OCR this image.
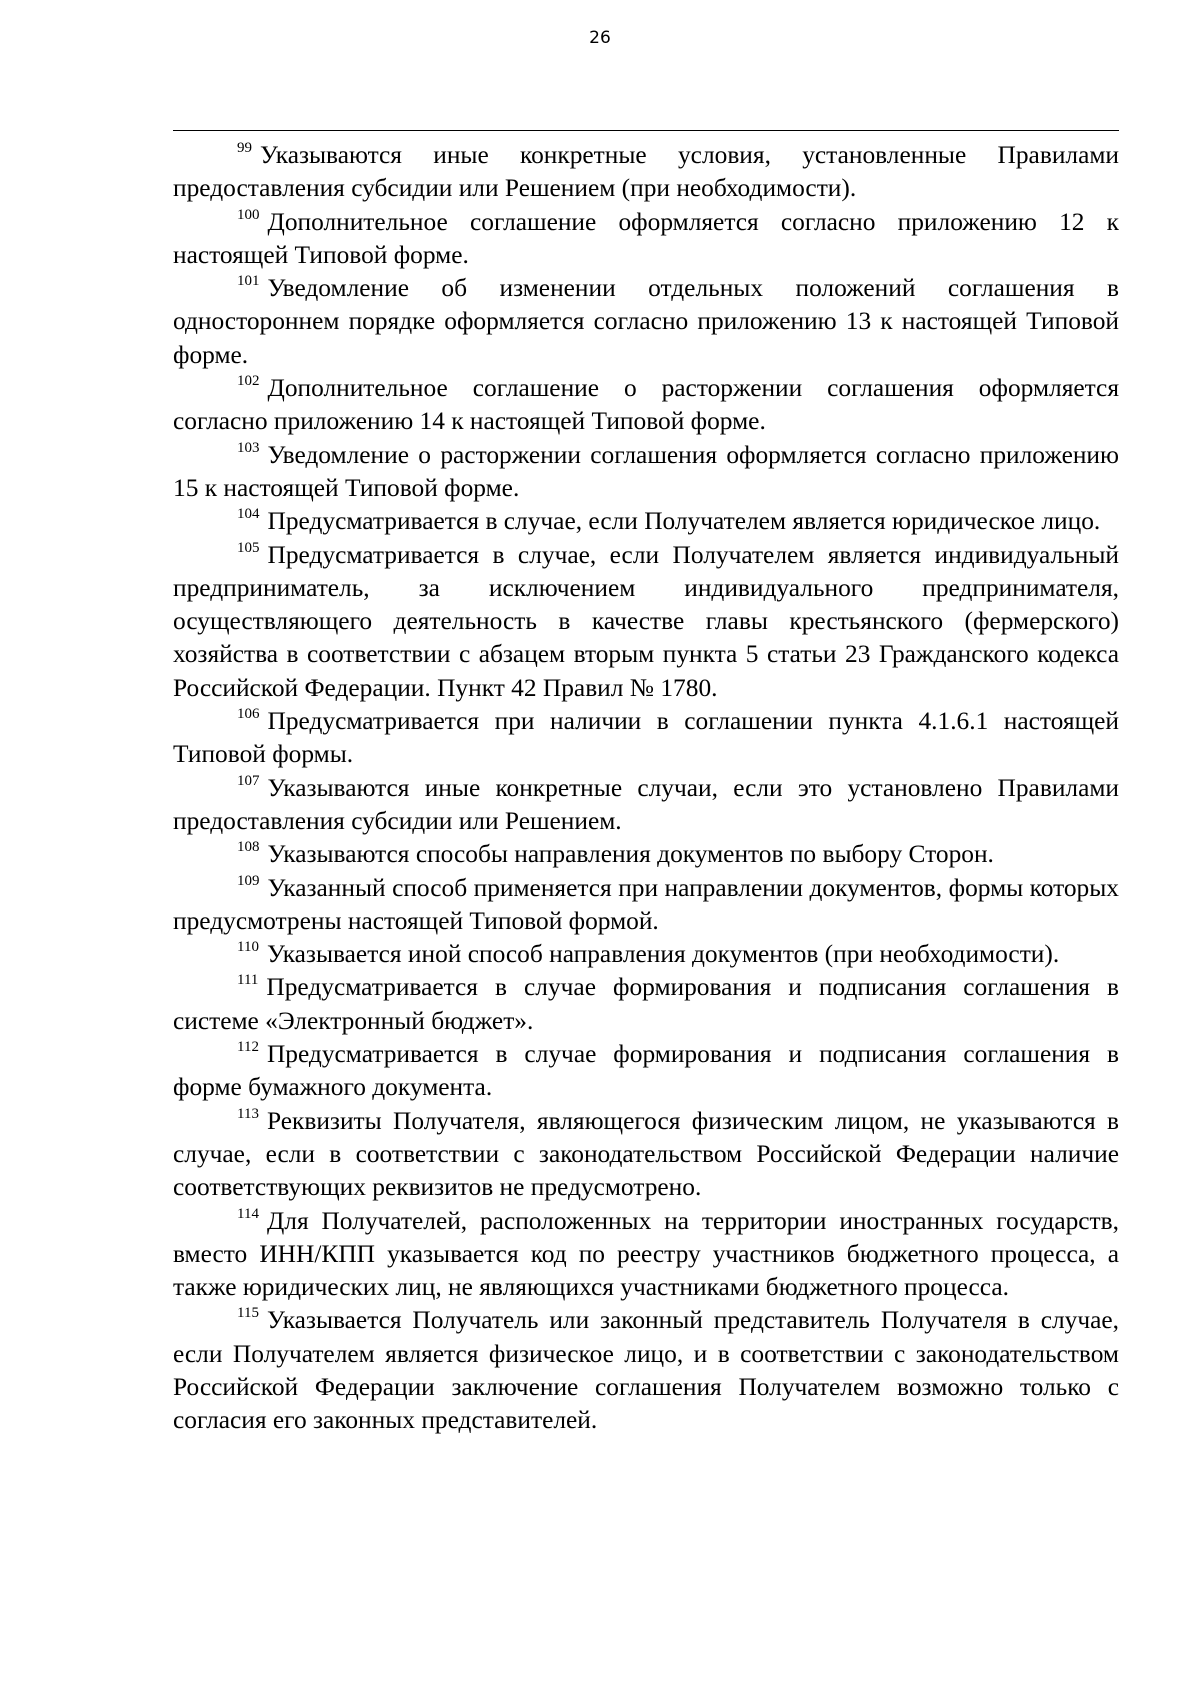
26

$^{99}$ Указываются иные конкретные условия, установленные Правилами предоставления субсидии или Решением (при необходимости).

$^{100}$ Дополнительное соглашение оформляется согласно приложению 12 к настоящей Типовой форме.

$^{101}$ Уведомление об изменении отдельных положений соглашения в одностороннем порядке оформляется согласно приложению 13 к настоящей Типовой форме.

$^{102}$ Дополнительное соглашение о расторжении соглашения оформляется согласно приложению 14 к настоящей Типовой форме.

$^{103}$ Уведомление о расторжении соглашения оформляется согласно приложению 15 к настоящей Типовой форме.

$^{104}$ Предусматривается в случае, если Получателем является юридическое лицо.

$^{105}$ Предусматривается в случае, если Получателем является индивидуальный предприниматель, за исключением индивидуального предпринимателя, осуществляющего деятельность в качестве главы крестьянского (фермерского) хозяйства в соответствии с абзацем вторым пункта 5 статьи 23 Гражданского кодекса Российской Федерации. Пункт 42 Правил № 1780.

$^{106}$ Предусматривается при наличии в соглашении пункта 4.1.6.1 настоящей Типовой формы.

$^{107}$ Указываются иные конкретные случаи, если это установлено Правилами предоставления субсидии или Решением.

$^{108}$ Указываются способы направления документов по выбору Сторон.

$^{109}$ Указанный способ применяется при направлении документов, формы которых предусмотрены настоящей Типовой формой.

$^{110}$ Указывается иной способ направления документов (при необходимости).

$^{111}$ Предусматривается в случае формирования и подписания соглашения в системе «Электронный бюджет».

$^{112}$ Предусматривается в случае формирования и подписания соглашения в форме бумажного документа.

$^{113}$ Реквизиты Получателя, являющегося физическим лицом, не указываются в случае, если в соответствии с законодательством Российской Федерации наличие соответствующих реквизитов не предусмотрено.

$^{114}$ Для Получателей, расположенных на территории иностранных государств, вместо ИНН/КПП указывается код по реестру участников бюджетного процесса, а также юридических лиц, не являющихся участниками бюджетного процесса.

$^{115}$ Указывается Получатель или законный представитель Получателя в случае, если Получателем является физическое лицо, и в соответствии с законодательством Российской Федерации заключение соглашения Получателем возможно только с согласия его законных представителей.
